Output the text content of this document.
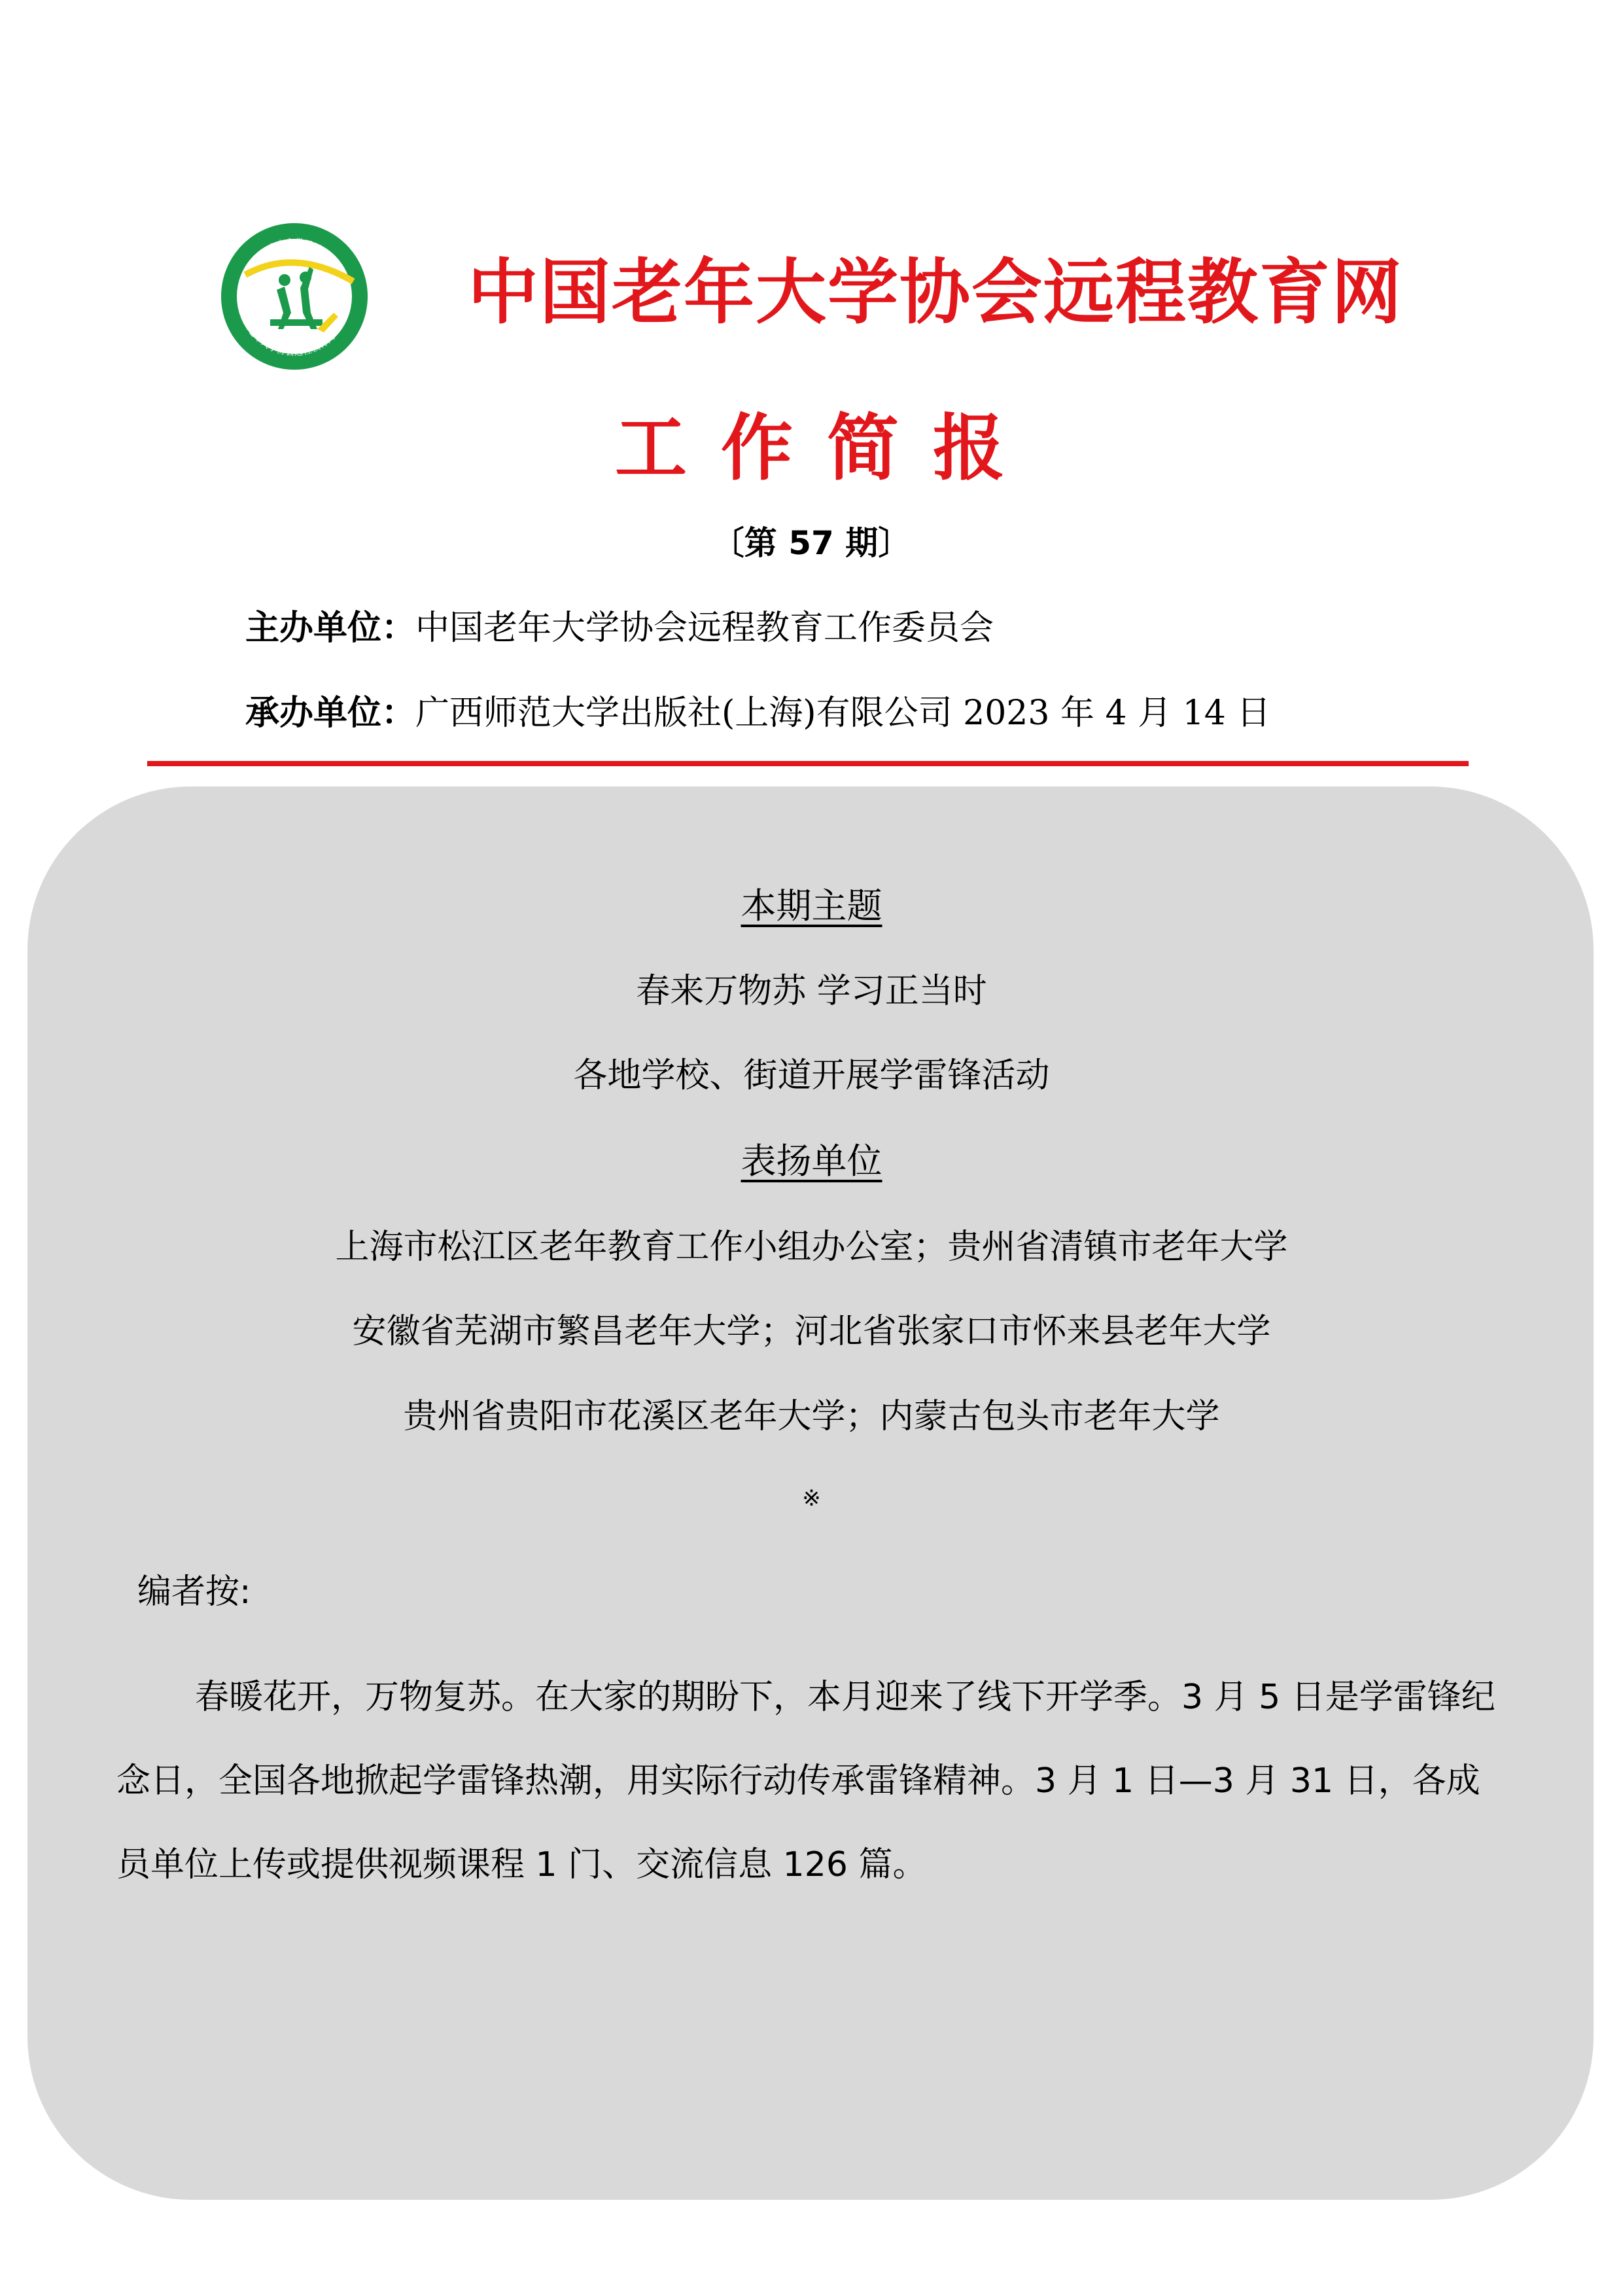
老年人自主学习平台
中国老年大学协会远程教育网
中国老年大学协会远程教育网
工作简报
〔第 57 期〕
主办单位：中国老年大学协会远程教育工作委员会
承办单位：广西师范大学出版社(上海)有限公司 2023 年 4 月 14 日
本期主题
春来万物苏 学习正当时
各地学校、街道开展学雷锋活动
表扬单位
上海市松江区老年教育工作小组办公室；贵州省清镇市老年大学
安徽省芜湖市繁昌老年大学；河北省张家口市怀来县老年大学
贵州省贵阳市花溪区老年大学；内蒙古包头市老年大学
※
编者按:

春暖花开，万物复苏。在大家的期盼下，本月迎来了线下开学季。3 月 5 日是学雷锋纪念日，全国各地掀起学雷锋热潮，用实际行动传承雷锋精神。3 月 1 日—3 月 31 日，各成员单位上传或提供视频课程 1 门、交流信息 126 篇。
